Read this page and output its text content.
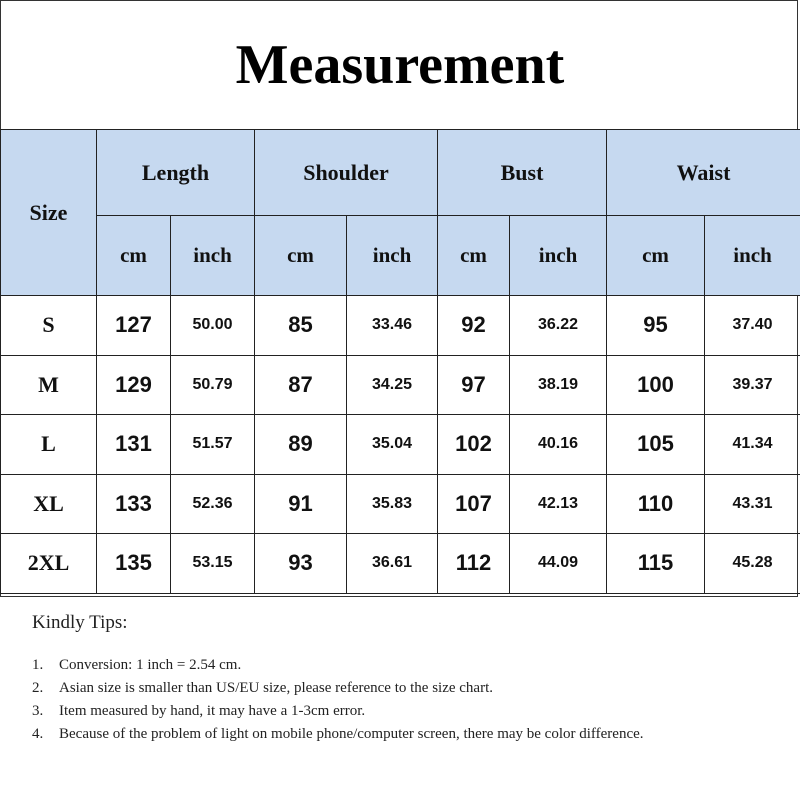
Measurement
Size	Length		Shoulder		Bust		Waist	
	cm	inch	cm	inch	cm	inch	cm	inch
S	127	50.00	85	33.46	92	36.22	95	37.40
M	129	50.79	87	34.25	97	38.19	100	39.37
L	131	51.57	89	35.04	102	40.16	105	41.34
XL	133	52.36	91	35.83	107	42.13	110	43.31
2XL	135	53.15	93	36.61	112	44.09	115	45.28
Kindly Tips:
1. Conversion: 1 inch = 2.54 cm.
2. Asian size is smaller than US/EU size, please reference to the size chart.
3. Item measured by hand, it may have a 1-3cm error.
4. Because of the problem of light on mobile phone/computer screen, there may be color difference.
